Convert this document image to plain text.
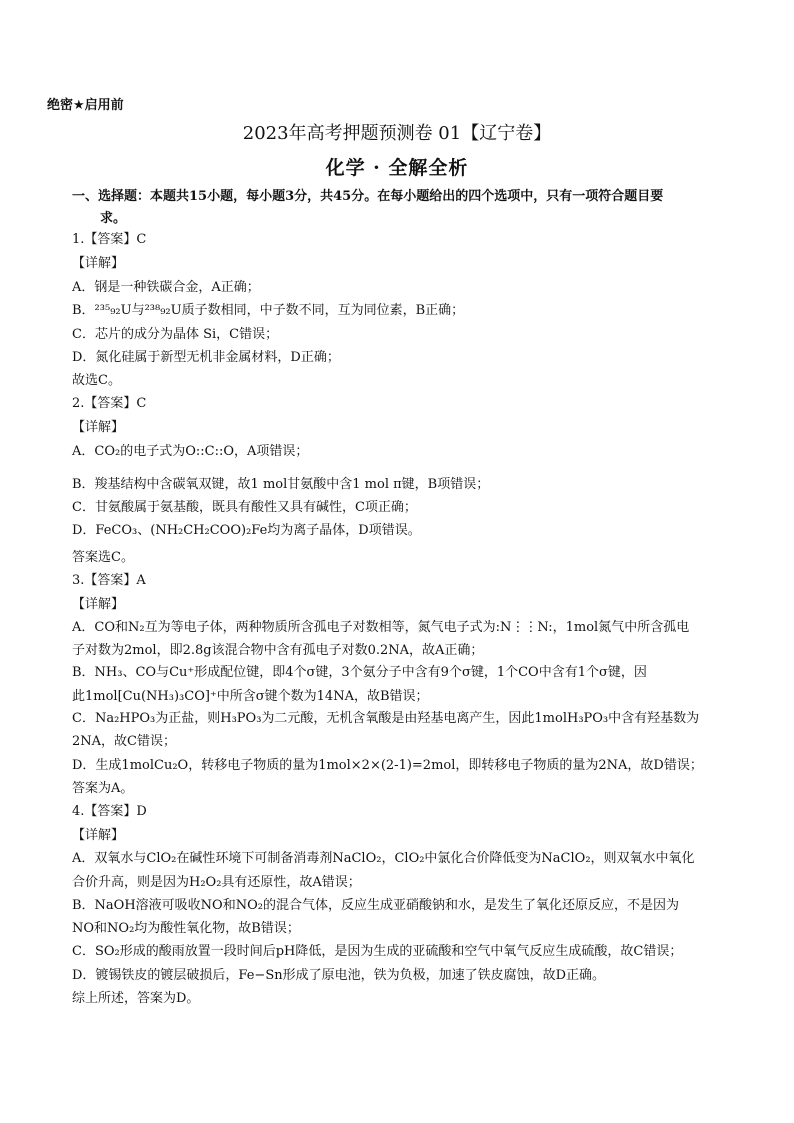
绝密★启用前
2023年高考押题预测卷 01【辽宁卷】
化学 · 全解全析
一、选择题：本题共15小题，每小题3分，共45分。在每小题给出的四个选项中，只有一项符合题目要
求。
1.【答案】C
【详解】
A．钢是一种铁碳合金，A正确；
B．²³⁵₉₂U与²³⁸₉₂U质子数相同，中子数不同，互为同位素，B正确；
C．芯片的成分为晶体 Si，C错误；
D．氮化硅属于新型无机非金属材料，D正确；
故选C。
2.【答案】C
【详解】
A．CO₂的电子式为O::C::O，A项错误；
B．羧基结构中含碳氧双键，故1 mol甘氨酸中含1 mol π键，B项错误；
C．甘氨酸属于氨基酸，既具有酸性又具有碱性，C项正确；
D．FeCO₃、(NH₂CH₂COO)₂Fe均为离子晶体，D项错误。
答案选C。
3.【答案】A
【详解】
A．CO和N₂互为等电子体，两种物质所含孤电子对数相等，氮气电子式为:N⋮⋮N:，1mol氮气中所含孤电
子对数为2mol，即2.8g该混合物中含有孤电子对数0.2NA，故A正确；
B．NH₃、CO与Cu⁺形成配位键，即4个σ键，3个氨分子中含有9个σ键，1个CO中含有1个σ键，因
此1mol[Cu(NH₃)₃CO]⁺中所含σ键个数为14NA，故B错误；
C．Na₂HPO₃为正盐，则H₃PO₃为二元酸，无机含氧酸是由羟基电离产生，因此1molH₃PO₃中含有羟基数为
2NA，故C错误；
D．生成1molCu₂O，转移电子物质的量为1mol×2×(2-1)=2mol，即转移电子物质的量为2NA，故D错误；
答案为A。
4.【答案】D
【详解】
A．双氧水与ClO₂在碱性环境下可制备消毒剂NaClO₂，ClO₂中氯化合价降低变为NaClO₂，则双氧水中氧化
合价升高，则是因为H₂O₂具有还原性，故A错误；
B．NaOH溶液可吸收NO和NO₂的混合气体，反应生成亚硝酸钠和水，是发生了氧化还原反应，不是因为
NO和NO₂均为酸性氧化物，故B错误；
C．SO₂形成的酸雨放置一段时间后pH降低，是因为生成的亚硫酸和空气中氧气反应生成硫酸，故C错误；
D．镀锡铁皮的镀层破损后，Fe−Sn形成了原电池，铁为负极，加速了铁皮腐蚀，故D正确。
综上所述，答案为D。
